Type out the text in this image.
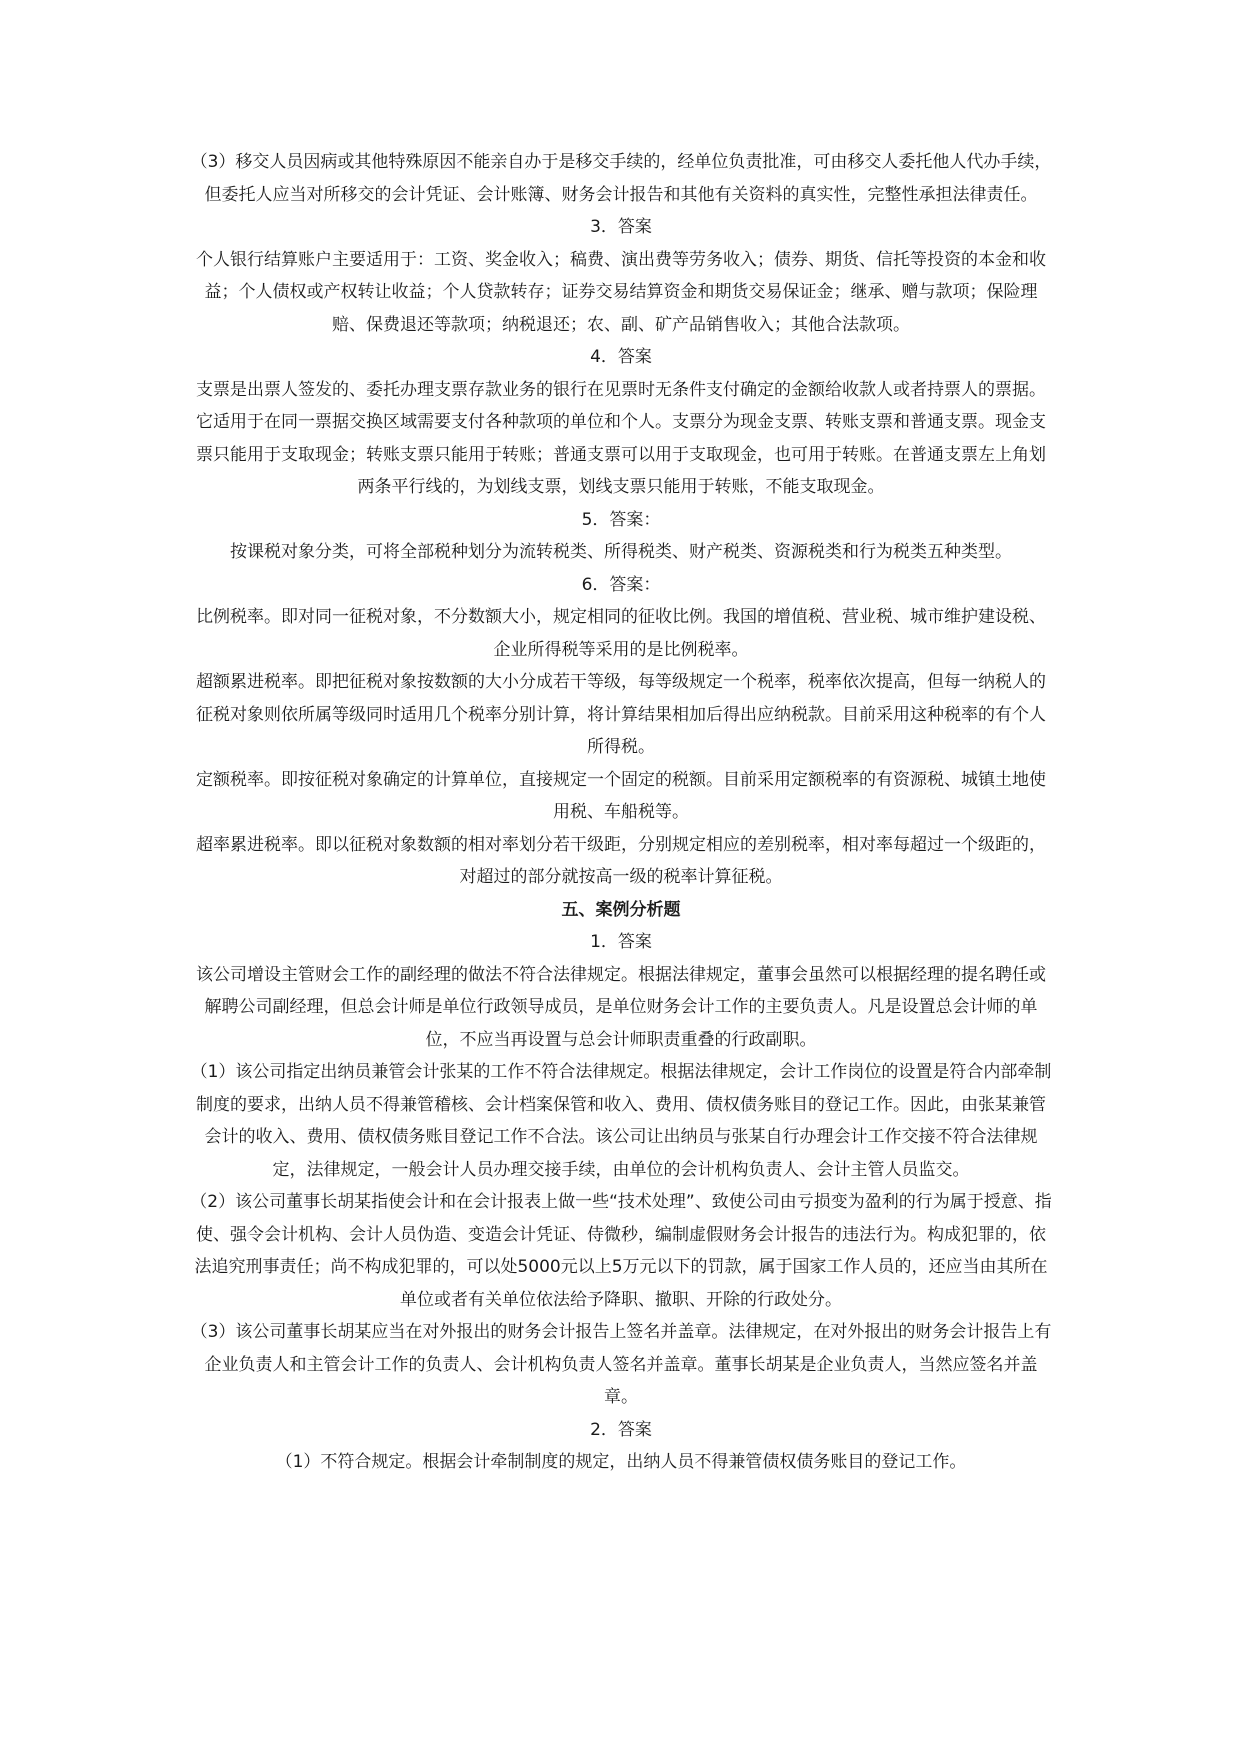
（3）移交人员因病或其他特殊原因不能亲自办于是移交手续的，经单位负责批准，可由移交人委托他人代办手续，但委托人应当对所移交的会计凭证、会计账簿、财务会计报告和其他有关资料的真实性，完整性承担法律责任。

3．答案

个人银行结算账户主要适用于：工资、奖金收入；稿费、演出费等劳务收入；债券、期货、信托等投资的本金和收益；个人债权或产权转让收益；个人贷款转存；证券交易结算资金和期货交易保证金；继承、赠与款项；保险理赔、保费退还等款项；纳税退还；农、副、矿产品销售收入；其他合法款项。

4．答案

支票是出票人签发的、委托办理支票存款业务的银行在见票时无条件支付确定的金额给收款人或者持票人的票据。它适用于在同一票据交换区域需要支付各种款项的单位和个人。支票分为现金支票、转账支票和普通支票。现金支票只能用于支取现金；转账支票只能用于转账；普通支票可以用于支取现金，也可用于转账。在普通支票左上角划两条平行线的，为划线支票，划线支票只能用于转账，不能支取现金。

5．答案：

按课税对象分类，可将全部税种划分为流转税类、所得税类、财产税类、资源税类和行为税类五种类型。

6．答案：

比例税率。即对同一征税对象，不分数额大小，规定相同的征收比例。我国的增值税、营业税、城市维护建设税、企业所得税等采用的是比例税率。

超额累进税率。即把征税对象按数额的大小分成若干等级，每等级规定一个税率，税率依次提高，但每一纳税人的征税对象则依所属等级同时适用几个税率分别计算，将计算结果相加后得出应纳税款。目前采用这种税率的有个人所得税。

定额税率。即按征税对象确定的计算单位，直接规定一个固定的税额。目前采用定额税率的有资源税、城镇土地使用税、车船税等。

超率累进税率。即以征税对象数额的相对率划分若干级距，分别规定相应的差别税率，相对率每超过一个级距的，对超过的部分就按高一级的税率计算征税。

五、案例分析题

1．答案

该公司增设主管财会工作的副经理的做法不符合法律规定。根据法律规定，董事会虽然可以根据经理的提名聘任或解聘公司副经理，但总会计师是单位行政领导成员，是单位财务会计工作的主要负责人。凡是设置总会计师的单位，不应当再设置与总会计师职责重叠的行政副职。

（1）该公司指定出纳员兼管会计张某的工作不符合法律规定。根据法律规定，会计工作岗位的设置是符合内部牵制制度的要求，出纳人员不得兼管稽核、会计档案保管和收入、费用、债权债务账目的登记工作。因此，由张某兼管会计的收入、费用、债权债务账目登记工作不合法。该公司让出纳员与张某自行办理会计工作交接不符合法律规定，法律规定，一般会计人员办理交接手续，由单位的会计机构负责人、会计主管人员监交。

（2）该公司董事长胡某指使会计和在会计报表上做一些“技术处理”、致使公司由亏损变为盈利的行为属于授意、指使、强令会计机构、会计人员伪造、变造会计凭证、侍微秒，编制虚假财务会计报告的违法行为。构成犯罪的，依法追究刑事责任；尚不构成犯罪的，可以处5000元以上5万元以下的罚款，属于国家工作人员的，还应当由其所在单位或者有关单位依法给予降职、撤职、开除的行政处分。

（3）该公司董事长胡某应当在对外报出的财务会计报告上签名并盖章。法律规定，在对外报出的财务会计报告上有企业负责人和主管会计工作的负责人、会计机构负责人签名并盖章。董事长胡某是企业负责人，当然应签名并盖章。

2．答案

（1）不符合规定。根据会计牵制制度的规定，出纳人员不得兼管债权债务账目的登记工作。
